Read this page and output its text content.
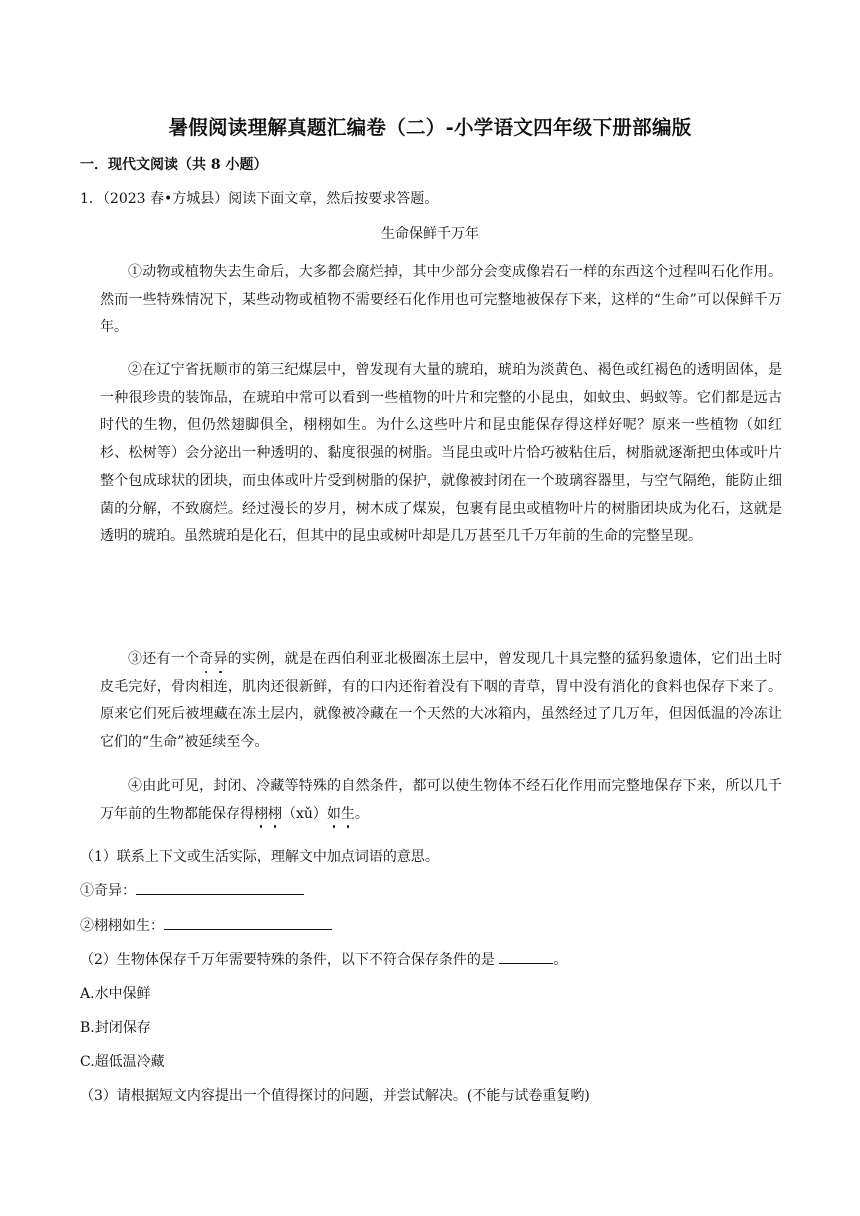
暑假阅读理解真题汇编卷（二）-小学语文四年级下册部编版
一．现代文阅读（共 8 小题）
1．（2023 春•方城县）阅读下面文章，然后按要求答题。
生命保鲜千万年

①动物或植物失去生命后，大多都会腐烂掉，其中少部分会变成像岩石一样的东西这个过程叫石化作用。然而一些特殊情况下，某些动物或植物不需要经石化作用也可完整地被保存下来，这样的“生命”可以保鲜千万年。

②在辽宁省抚顺市的第三纪煤层中，曾发现有大量的琥珀，琥珀为淡黄色、褐色或红褐色的透明固体，是一种很珍贵的装饰品，在琥珀中常可以看到一些植物的叶片和完整的小昆虫，如蚊虫、蚂蚁等。它们都是远古时代的生物，但仍然翅脚俱全，栩栩如生。为什么这些叶片和昆虫能保存得这样好呢？原来一些植物（如红杉、松树等）会分泌出一种透明的、黏度很强的树脂。当昆虫或叶片恰巧被粘住后，树脂就逐渐把虫体或叶片整个包成球状的团块，而虫体或叶片受到树脂的保护，就像被封闭在一个玻璃容器里，与空气隔绝，能防止细菌的分解，不致腐烂。经过漫长的岁月，树木成了煤炭，包裹有昆虫或植物叶片的树脂团块成为化石，这就是透明的琥珀。虽然琥珀是化石，但其中的昆虫或树叶却是几万甚至几千万年前的生命的完整呈现。

③还有一个奇异的实例，就是在西伯利亚北极圈冻土层中，曾发现几十具完整的猛犸象遗体，它们出土时皮毛完好，骨肉相连，肌肉还很新鲜，有的口内还衔着没有下咽的青草，胃中没有消化的食料也保存下来了。原来它们死后被埋藏在冻土层内，就像被冷藏在一个天然的大冰箱内，虽然经过了几万年，但因低温的冷冻让它们的“生命”被延续至今。

④由此可见，封闭、冷藏等特殊的自然条件，都可以使生物体不经石化作用而完整地保存下来，所以几千万年前的生物都能保存得栩栩（xǔ）如生。

（1）联系上下文或生活实际，理解文中加点词语的意思。
①奇异：
②栩栩如生：
（2）生物体保存千万年需要特殊的条件，以下不符合保存条件的是	。
A.水中保鲜
B.封闭保存
C.超低温冷藏
（3）请根据短文内容提出一个值得探讨的问题，并尝试解决。(不能与试卷重复哟)
